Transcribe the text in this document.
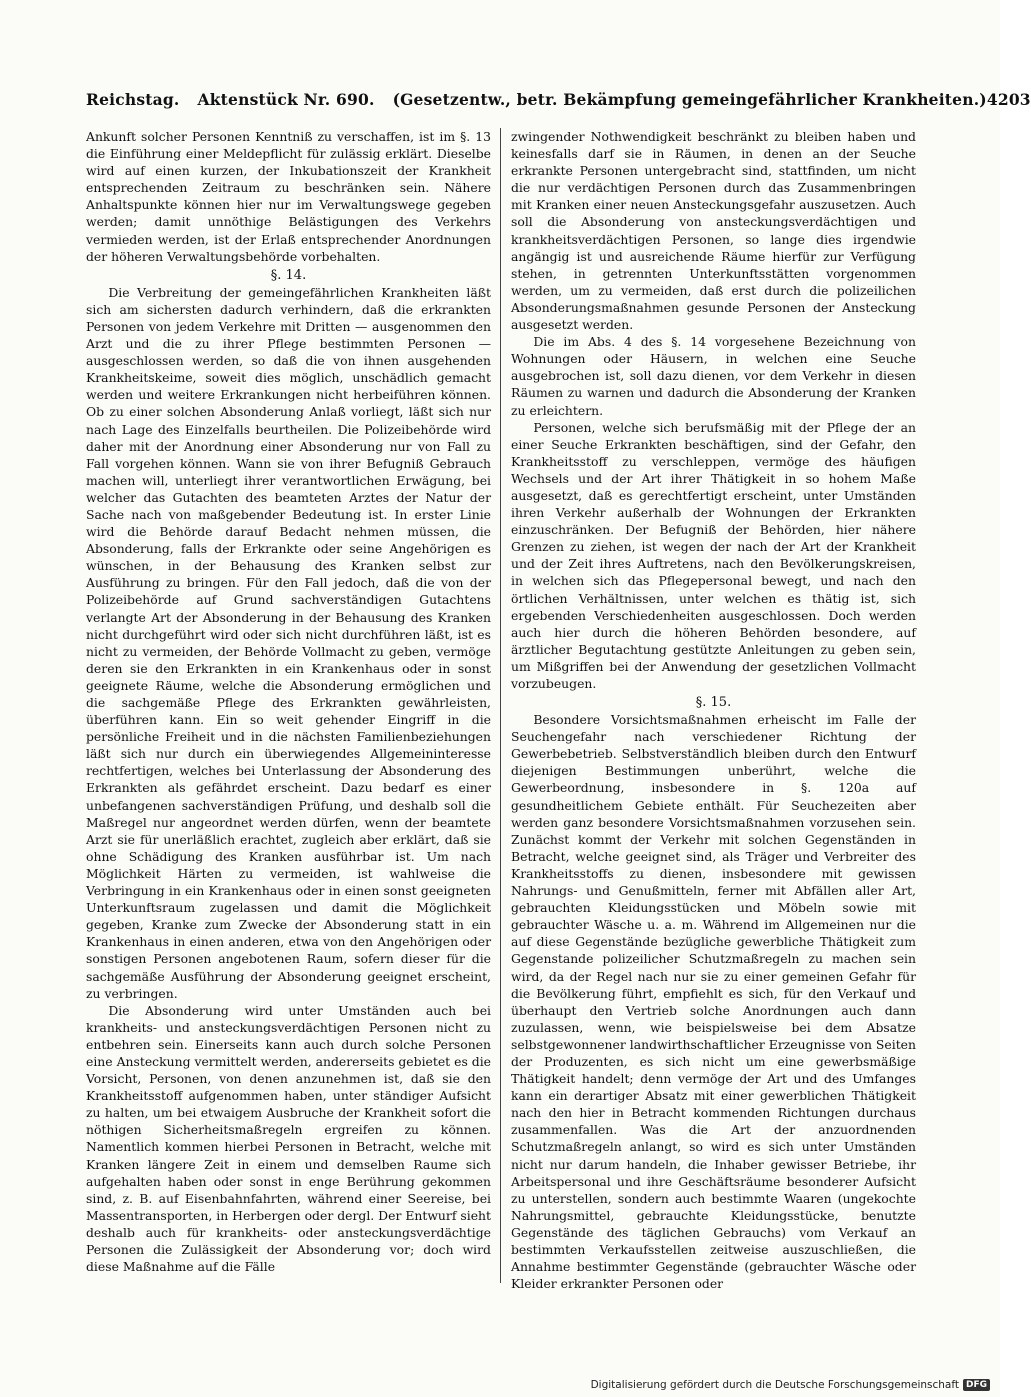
Reichstag. Aktenstück Nr. 690. (Gesetzentw., betr. Bekämpfung gemeingefährlicher Krankheiten.) 4203

Ankunft solcher Personen Kenntniß zu verschaffen, ist im §. 13 die Einführung einer Meldepflicht für zulässig erklärt. Dieselbe wird auf einen kurzen, der Inkubationszeit der Krankheit entsprechenden Zeitraum zu beschränken sein. Nähere Anhaltspunkte können hier nur im Verwaltungswege gegeben werden; damit unnöthige Belästigungen des Verkehrs vermieden werden, ist der Erlaß entsprechender Anordnungen der höheren Verwaltungsbehörde vorbehalten.

§. 14.

Die Verbreitung der gemeingefährlichen Krankheiten läßt sich am sichersten dadurch verhindern, daß die erkrankten Personen von jedem Verkehre mit Dritten — ausgenommen den Arzt und die zu ihrer Pflege bestimmten Personen — ausgeschlossen werden, so daß die von ihnen ausgehenden Krankheitskeime, soweit dies möglich, unschädlich gemacht werden und weitere Erkrankungen nicht herbeiführen können. Ob zu einer solchen Absonderung Anlaß vorliegt, läßt sich nur nach Lage des Einzelfalls beurtheilen. Die Polizeibehörde wird daher mit der Anordnung einer Absonderung nur von Fall zu Fall vorgehen können. Wann sie von ihrer Befugniß Gebrauch machen will, unterliegt ihrer verantwortlichen Erwägung, bei welcher das Gutachten des beamteten Arztes der Natur der Sache nach von maßgebender Bedeutung ist. In erster Linie wird die Behörde darauf Bedacht nehmen müssen, die Absonderung, falls der Erkrankte oder seine Angehörigen es wünschen, in der Behausung des Kranken selbst zur Ausführung zu bringen. Für den Fall jedoch, daß die von der Polizeibehörde auf Grund sachverständigen Gutachtens verlangte Art der Absonderung in der Behausung des Kranken nicht durchgeführt wird oder sich nicht durchführen läßt, ist es nicht zu vermeiden, der Behörde Vollmacht zu geben, vermöge deren sie den Erkrankten in ein Krankenhaus oder in sonst geeignete Räume, welche die Absonderung ermöglichen und die sachgemäße Pflege des Erkrankten gewährleisten, überführen kann. Ein so weit gehender Eingriff in die persönliche Freiheit und in die nächsten Familienbeziehungen läßt sich nur durch ein überwiegendes Allgemeininteresse rechtfertigen, welches bei Unterlassung der Absonderung des Erkrankten als gefährdet erscheint. Dazu bedarf es einer unbefangenen sachverständigen Prüfung, und deshalb soll die Maßregel nur angeordnet werden dürfen, wenn der beamtete Arzt sie für unerläßlich erachtet, zugleich aber erklärt, daß sie ohne Schädigung des Kranken ausführbar ist. Um nach Möglichkeit Härten zu vermeiden, ist wahlweise die Verbringung in ein Krankenhaus oder in einen sonst geeigneten Unterkunftsraum zugelassen und damit die Möglichkeit gegeben, Kranke zum Zwecke der Absonderung statt in ein Krankenhaus in einen anderen, etwa von den Angehörigen oder sonstigen Personen angebotenen Raum, sofern dieser für die sachgemäße Ausführung der Absonderung geeignet erscheint, zu verbringen.

Die Absonderung wird unter Umständen auch bei krankheits- und ansteckungsverdächtigen Personen nicht zu entbehren sein. Einerseits kann auch durch solche Personen eine Ansteckung vermittelt werden, andererseits gebietet es die Vorsicht, Personen, von denen anzunehmen ist, daß sie den Krankheitsstoff aufgenommen haben, unter ständiger Aufsicht zu halten, um bei etwaigem Ausbruche der Krankheit sofort die nöthigen Sicherheitsmaßregeln ergreifen zu können. Namentlich kommen hierbei Personen in Betracht, welche mit Kranken längere Zeit in einem und demselben Raume sich aufgehalten haben oder sonst in enge Berührung gekommen sind, z. B. auf Eisenbahnfahrten, während einer Seereise, bei Massentransporten, in Herbergen oder dergl. Der Entwurf sieht deshalb auch für krankheits- oder ansteckungsverdächtige Personen die Zulässigkeit der Absonderung vor; doch wird diese Maßnahme auf die Fälle

zwingender Nothwendigkeit beschränkt zu bleiben haben und keinesfalls darf sie in Räumen, in denen an der Seuche erkrankte Personen untergebracht sind, stattfinden, um nicht die nur verdächtigen Personen durch das Zusammenbringen mit Kranken einer neuen Ansteckungsgefahr auszusetzen. Auch soll die Absonderung von ansteckungsverdächtigen und krankheitsverdächtigen Personen, so lange dies irgendwie angängig ist und ausreichende Räume hierfür zur Verfügung stehen, in getrennten Unterkunftsstätten vorgenommen werden, um zu vermeiden, daß erst durch die polizeilichen Absonderungsmaßnahmen gesunde Personen der Ansteckung ausgesetzt werden.

Die im Abs. 4 des §. 14 vorgesehene Bezeichnung von Wohnungen oder Häusern, in welchen eine Seuche ausgebrochen ist, soll dazu dienen, vor dem Verkehr in diesen Räumen zu warnen und dadurch die Absonderung der Kranken zu erleichtern.

Personen, welche sich berufsmäßig mit der Pflege der an einer Seuche Erkrankten beschäftigen, sind der Gefahr, den Krankheitsstoff zu verschleppen, vermöge des häufigen Wechsels und der Art ihrer Thätigkeit in so hohem Maße ausgesetzt, daß es gerechtfertigt erscheint, unter Umständen ihren Verkehr außerhalb der Wohnungen der Erkrankten einzuschränken. Der Befugniß der Behörden, hier nähere Grenzen zu ziehen, ist wegen der nach der Art der Krankheit und der Zeit ihres Auftretens, nach den Bevölkerungskreisen, in welchen sich das Pflegepersonal bewegt, und nach den örtlichen Verhältnissen, unter welchen es thätig ist, sich ergebenden Verschiedenheiten ausgeschlossen. Doch werden auch hier durch die höheren Behörden besondere, auf ärztlicher Begutachtung gestützte Anleitungen zu geben sein, um Mißgriffen bei der Anwendung der gesetzlichen Vollmacht vorzubeugen.

§. 15.

Besondere Vorsichtsmaßnahmen erheischt im Falle der Seuchengefahr nach verschiedener Richtung der Gewerbebetrieb. Selbstverständlich bleiben durch den Entwurf diejenigen Bestimmungen unberührt, welche die Gewerbeordnung, insbesondere in §. 120a auf gesundheitlichem Gebiete enthält. Für Seuchezeiten aber werden ganz besondere Vorsichtsmaßnahmen vorzusehen sein. Zunächst kommt der Verkehr mit solchen Gegenständen in Betracht, welche geeignet sind, als Träger und Verbreiter des Krankheitsstoffs zu dienen, insbesondere mit gewissen Nahrungs- und Genußmitteln, ferner mit Abfällen aller Art, gebrauchten Kleidungsstücken und Möbeln sowie mit gebrauchter Wäsche u. a. m. Während im Allgemeinen nur die auf diese Gegenstände bezügliche gewerbliche Thätigkeit zum Gegenstande polizeilicher Schutzmaßregeln zu machen sein wird, da der Regel nach nur sie zu einer gemeinen Gefahr für die Bevölkerung führt, empfiehlt es sich, für den Verkauf und überhaupt den Vertrieb solche Anordnungen auch dann zuzulassen, wenn, wie beispielsweise bei dem Absatze selbstgewonnener landwirthschaftlicher Erzeugnisse von Seiten der Produzenten, es sich nicht um eine gewerbsmäßige Thätigkeit handelt; denn vermöge der Art und des Umfanges kann ein derartiger Absatz mit einer gewerblichen Thätigkeit nach den hier in Betracht kommenden Richtungen durchaus zusammenfallen. Was die Art der anzuordnenden Schutzmaßregeln anlangt, so wird es sich unter Umständen nicht nur darum handeln, die Inhaber gewisser Betriebe, ihr Arbeitspersonal und ihre Geschäftsräume besonderer Aufsicht zu unterstellen, sondern auch bestimmte Waaren (ungekochte Nahrungsmittel, gebrauchte Kleidungsstücke, benutzte Gegenstände des täglichen Gebrauchs) vom Verkauf an bestimmten Verkaufsstellen zeitweise auszuschließen, die Annahme bestimmter Gegenstände (gebrauchter Wäsche oder Kleider erkrankter Personen oder

Digitalisierung gefördert durch die Deutsche Forschungsgemeinschaft DFG
